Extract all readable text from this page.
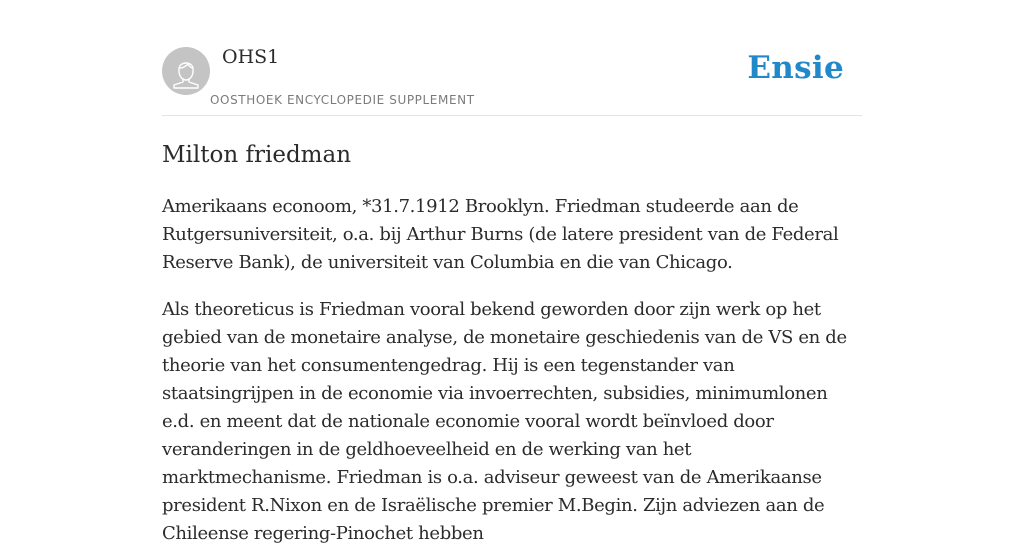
OHS1
OOSTHOEK ENCYCLOPEDIE SUPPLEMENT
Ensie
Milton friedman

Amerikaans econoom, *31.7.1912 Brooklyn. Friedman studeerde aan de Rutgersuniversiteit, o.a. bij Arthur Burns (de latere president van de Federal Reserve Bank), de universiteit van Columbia en die van Chicago.

Als theoreticus is Friedman vooral bekend geworden door zijn werk op het gebied van de monetaire analyse, de monetaire geschiedenis van de VS en de theorie van het consumentengedrag. Hij is een tegenstander van staatsingrijpen in de economie via invoerrechten, subsidies, minimumlonen e.d. en meent dat de nationale economie vooral wordt beïnvloed door veranderingen in de geldhoeveelheid en de werking van het marktmechanisme. Friedman is o.a. adviseur geweest van de Amerikaanse president R.Nixon en de Israëlische premier M.Begin. Zijn adviezen aan de Chileense regering-Pinochet hebben
